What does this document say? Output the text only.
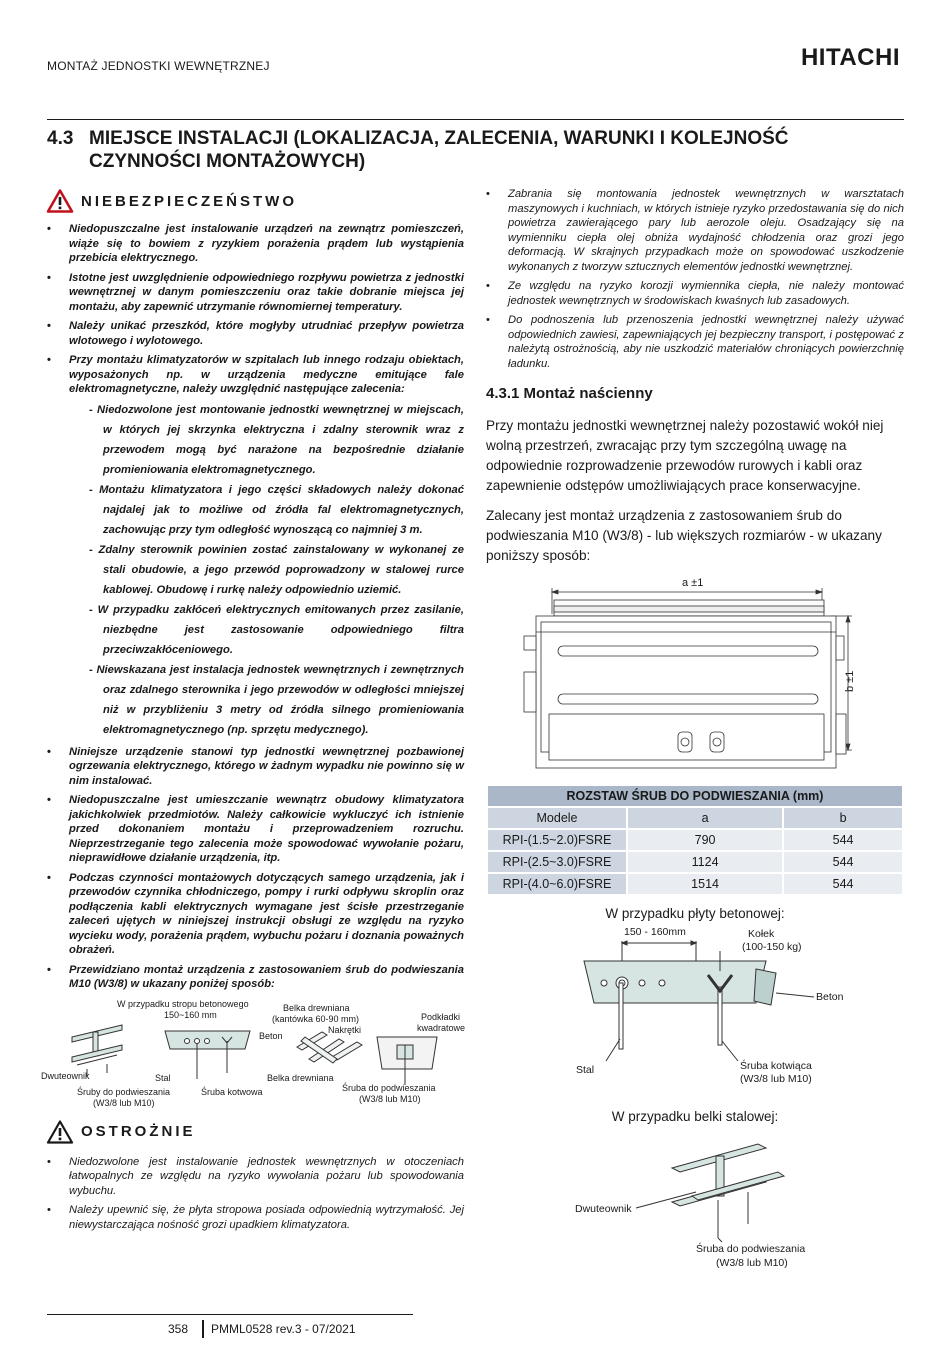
MONTAŻ JEDNOSTKI WEWNĘTRZNEJ	HITACHI
4.3 MIEJSCE INSTALACJI (LOKALIZACJA, ZALECENIA, WARUNKI I KOLEJNOŚĆ CZYNNOŚCI MONTAŻOWYCH)
NIEBEZPIECZEŃSTWO
• Niedopuszczalne jest instalowanie urządzeń na zewnątrz pomieszczeń, wiąże się to bowiem z ryzykiem porażenia prądem lub wystąpienia przebicia elektrycznego.
• Istotne jest uwzględnienie odpowiedniego rozpływu powietrza z jednostki wewnętrznej w danym pomieszczeniu oraz takie dobranie miejsca jej montażu, aby zapewnić utrzymanie równomiernej temperatury.
• Należy unikać przeszkód, które mogłyby utrudniać przepływ powietrza wlotowego i wylotowego.
• Przy montażu klimatyzatorów w szpitalach lub innego rodzaju obiektach, wyposażonych np. w urządzenia medyczne emitujące fale elektromagnetyczne, należy uwzględnić następujące zalecenia:
- Niedozwolone jest montowanie jednostki wewnętrznej w miejscach, w których jej skrzynka elektryczna i zdalny sterownik wraz z przewodem mogą być narażone na bezpośrednie działanie promieniowania elektromagnetycznego.
- Montażu klimatyzatora i jego części składowych należy dokonać najdalej jak to możliwe od źródła fal elektromagnetycznych, zachowując przy tym odległość wynoszącą co najmniej 3 m.
- Zdalny sterownik powinien zostać zainstalowany w wykonanej ze stali obudowie, a jego przewód poprowadzony w stalowej rurce kablowej. Obudowę i rurkę należy odpowiednio uziemić.
- W przypadku zakłóceń elektrycznych emitowanych przez zasilanie, niezbędne jest zastosowanie odpowiedniego filtra przeciwzakłóceniowego.
- Niewskazana jest instalacja jednostek wewnętrznych i zewnętrznych oraz zdalnego sterownika i jego przewodów w odległości mniejszej niż w przybliżeniu 3 metry od źródła silnego promieniowania elektromagnetycznego (np. sprzętu medycznego).
• Niniejsze urządzenie stanowi typ jednostki wewnętrznej pozbawionej ogrzewania elektrycznego, którego w żadnym wypadku nie powinno się w nim instalować.
• Niedopuszczalne jest umieszczanie wewnątrz obudowy klimatyzatora jakichkolwiek przedmiotów. Należy całkowicie wykluczyć ich istnienie przed dokonaniem montażu i przeprowadzeniem rozruchu. Nieprzestrzeganie tego zalecenia może spowodować wywołanie pożaru, nieprawidłowe działanie urządzenia, itp.
• Podczas czynności montażowych dotyczących samego urządzenia, jak i przewodów czynnika chłodniczego, pompy i rurki odpływu skroplin oraz podłączenia kabli elektrycznych wymagane jest ścisłe przestrzeganie zaleceń ujętych w niniejszej instrukcji obsługi ze względu na ryzyko wycieku wody, porażenia prądem, wybuchu pożaru i doznania poważnych obrażeń.
• Przewidziano montaż urządzenia z zastosowaniem śrub do podwieszania M10 (W3/8) w ukazany poniżej sposób:
W przypadku stropu betonowego
150~160 mm
Belka drewniana
(kantówka 60-90 mm)	Podkładki
kwadratowe
Nakrętki
Beton
Dwuteownik	Stal	Belka drewniana
Śruby do podwieszania
(W3/8 lub M10)
Śruba kotwowa	Śruba do podwieszania
(W3/8 lub M10)
OSTROŻNIE
• Niedozwolone jest instalowanie jednostek wewnętrznych w otoczeniach łatwopalnych ze względu na ryzyko wywołania pożaru lub spowodowania wybuchu.
• Należy upewnić się, że płyta stropowa posiada odpowiednią wytrzymałość. Jej niewystarczająca nośność grozi upadkiem klimatyzatora.
• Zabrania się montowania jednostek wewnętrznych w warsztatach maszynowych i kuchniach, w których istnieje ryzyko przedostawania się do nich powietrza zawierającego pary lub aerozole oleju. Osadzający się na wymienniku ciepła olej obniża wydajność chłodzenia oraz grozi jego deformacją. W skrajnych przypadkach może on spowodować uszkodzenie wykonanych z tworzyw sztucznych elementów jednostki wewnętrznej.
• Ze względu na ryzyko korozji wymiennika ciepła, nie należy montować jednostek wewnętrznych w środowiskach kwaśnych lub zasadowych.
• Do podnoszenia lub przenoszenia jednostki wewnętrznej należy używać odpowiednich zawiesi, zapewniających jej bezpieczny transport, i postępować z należytą ostrożnością, aby nie uszkodzić materiałów chroniących powierzchnię ładunku.
4.3.1 Montaż naścienny

Przy montażu jednostki wewnętrznej należy pozostawić wokół niej wolną przestrzeń, zwracając przy tym szczególną uwagę na odpowiednie rozprowadzenie przewodów rurowych i kabli oraz zapewnienie odstępów umożliwiających prace konserwacyjne.

Zalecany jest montaż urządzenia z zastosowaniem śrub do podwieszania M10 (W3/8) - lub większych rozmiarów - w ukazany poniższy sposób:

a ±1
b ±1
ROZSTAW ŚRUB DO PODWIESZANIA (mm)		
Modele	a	b
RPI-(1.5~2.0)FSRE	790	544
RPI-(2.5~3.0)FSRE	1124	544
RPI-(4.0~6.0)FSRE	1514	544
W przypadku płyty betonowej:
150 - 160mm	Kołek
(100-150 kg)
Beton
Stal	Śruba kotwiąca
(W3/8 lub M10)
W przypadku belki stalowej:
Dwuteownik
Śruba do podwieszania
(W3/8 lub M10)
358 PMML0528 rev.3 - 07/2021
